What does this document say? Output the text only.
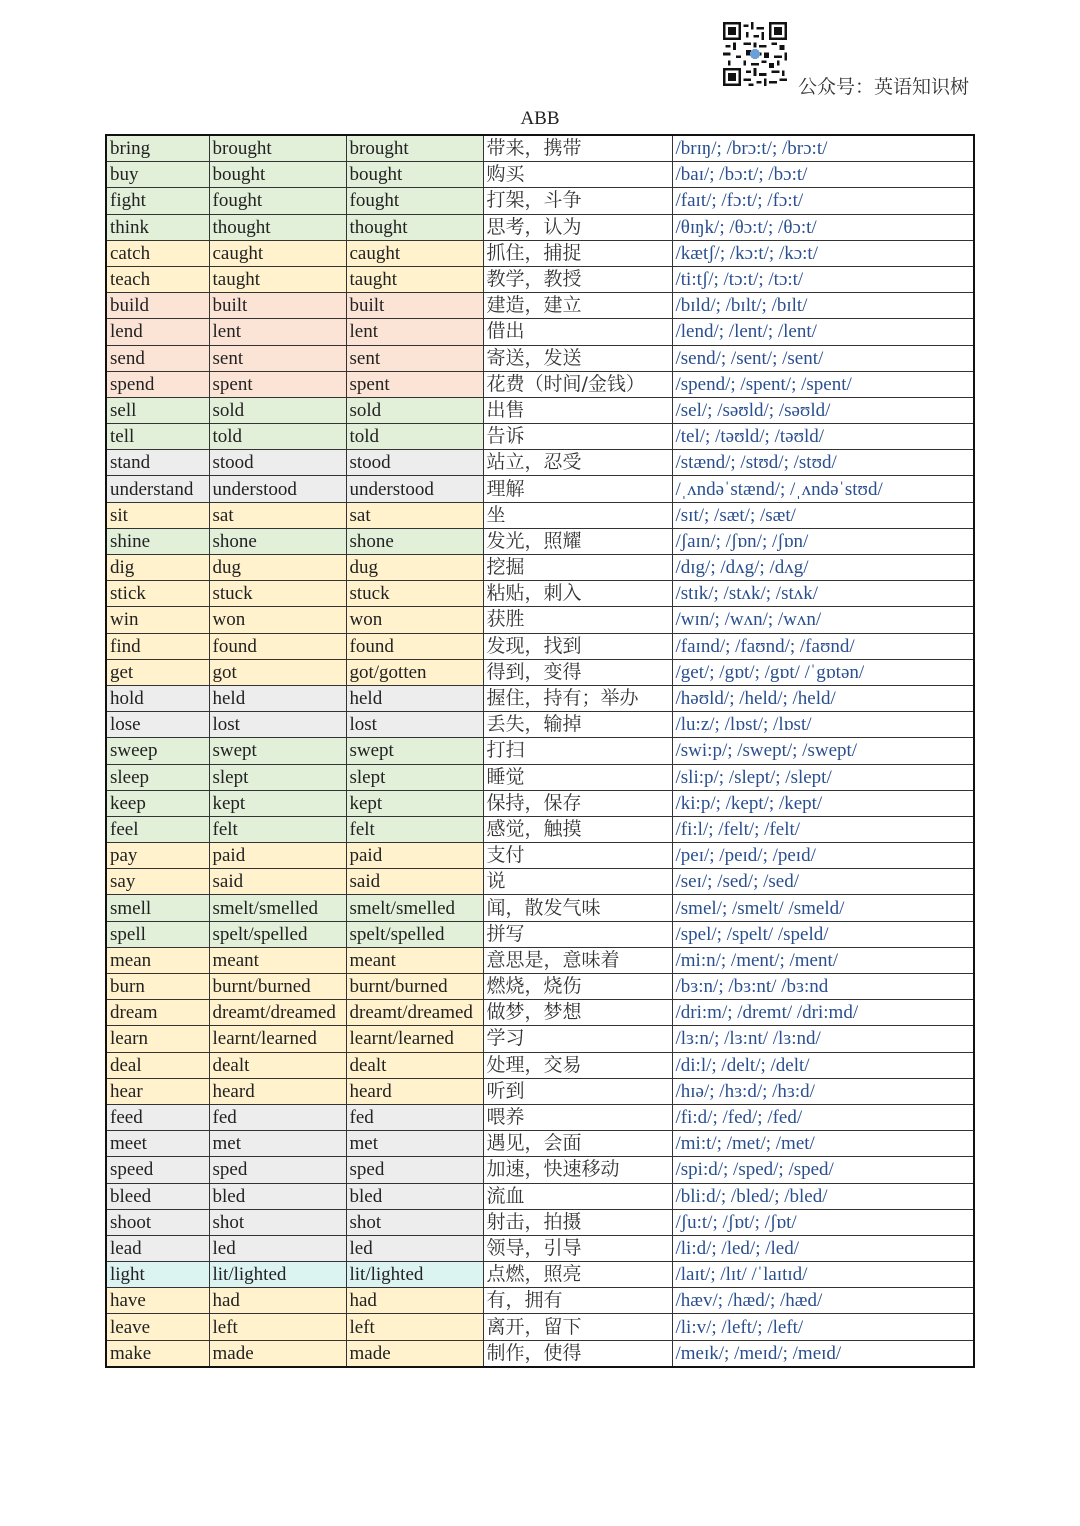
公众号：英语知识树
ABB
bring	brought	brought	带来，携带	/brɪŋ/; /brɔ:t/; /brɔ:t/
buy	bought	bought	购买	/baɪ/; /bɔ:t/; /bɔ:t/
fight	fought	fought	打架，斗争	/faɪt/; /fɔ:t/; /fɔ:t/
think	thought	thought	思考，认为	/θɪŋk/; /θɔ:t/; /θɔ:t/
catch	caught	caught	抓住，捕捉	/kætʃ/; /kɔ:t/; /kɔ:t/
teach	taught	taught	教学，教授	/ti:tʃ/; /tɔ:t/; /tɔ:t/
build	built	built	建造，建立	/bɪld/; /bɪlt/; /bɪlt/
lend	lent	lent	借出	/lend/; /lent/; /lent/
send	sent	sent	寄送，发送	/send/; /sent/; /sent/
spend	spent	spent	花费（时间/金钱）	/spend/; /spent/; /spent/
sell	sold	sold	出售	/sel/; /səʊld/; /səʊld/
tell	told	told	告诉	/tel/; /təʊld/; /təʊld/
stand	stood	stood	站立，忍受	/stænd/; /stʊd/; /stʊd/
understand	understood	understood	理解	/ˌʌndəˈstænd/; /ˌʌndəˈstʊd/
sit	sat	sat	坐	/sɪt/; /sæt/; /sæt/
shine	shone	shone	发光，照耀	/ʃaɪn/; /ʃɒn/; /ʃɒn/
dig	dug	dug	挖掘	/dɪg/; /dʌg/; /dʌg/
stick	stuck	stuck	粘贴，刺入	/stɪk/; /stʌk/; /stʌk/
win	won	won	获胜	/wɪn/; /wʌn/; /wʌn/
find	found	found	发现，找到	/faɪnd/; /faʊnd/; /faʊnd/
get	got	got/gotten	得到，变得	/get/; /gɒt/; /gɒt/ /ˈgɒtən/
hold	held	held	握住，持有；举办	/həʊld/; /held/; /held/
lose	lost	lost	丢失，输掉	/lu:z/; /lɒst/; /lɒst/
sweep	swept	swept	打扫	/swi:p/; /swept/; /swept/
sleep	slept	slept	睡觉	/sli:p/; /slept/; /slept/
keep	kept	kept	保持，保存	/ki:p/; /kept/; /kept/
feel	felt	felt	感觉，触摸	/fi:l/; /felt/; /felt/
pay	paid	paid	支付	/peɪ/; /peɪd/; /peɪd/
say	said	said	说	/seɪ/; /sed/; /sed/
smell	smelt/smelled	smelt/smelled	闻，散发气味	/smel/; /smelt/ /smeld/
spell	spelt/spelled	spelt/spelled	拼写	/spel/; /spelt/ /speld/
mean	meant	meant	意思是，意味着	/mi:n/; /ment/; /ment/
burn	burnt/burned	burnt/burned	燃烧，烧伤	/bɜ:n/; /bɜ:nt/ /bɜ:nd
dream	dreamt/dreamed	dreamt/dreamed	做梦，梦想	/dri:m/; /dremt/ /dri:md/
learn	learnt/learned	learnt/learned	学习	/lɜ:n/; /lɜ:nt/ /lɜ:nd/
deal	dealt	dealt	处理，交易	/di:l/; /delt/; /delt/
hear	heard	heard	听到	/hɪə/; /hɜ:d/; /hɜ:d/
feed	fed	fed	喂养	/fi:d/; /fed/; /fed/
meet	met	met	遇见，会面	/mi:t/; /met/; /met/
speed	sped	sped	加速，快速移动	/spi:d/; /sped/; /sped/
bleed	bled	bled	流血	/bli:d/; /bled/; /bled/
shoot	shot	shot	射击，拍摄	/ʃu:t/; /ʃɒt/; /ʃɒt/
lead	led	led	领导，引导	/li:d/; /led/; /led/
light	lit/lighted	lit/lighted	点燃，照亮	/laɪt/; /lɪt/ /ˈlaɪtɪd/
have	had	had	有，拥有	/hæv/; /hæd/; /hæd/
leave	left	left	离开，留下	/li:v/; /left/; /left/
make	made	made	制作，使得	/meɪk/; /meɪd/; /meɪd/
